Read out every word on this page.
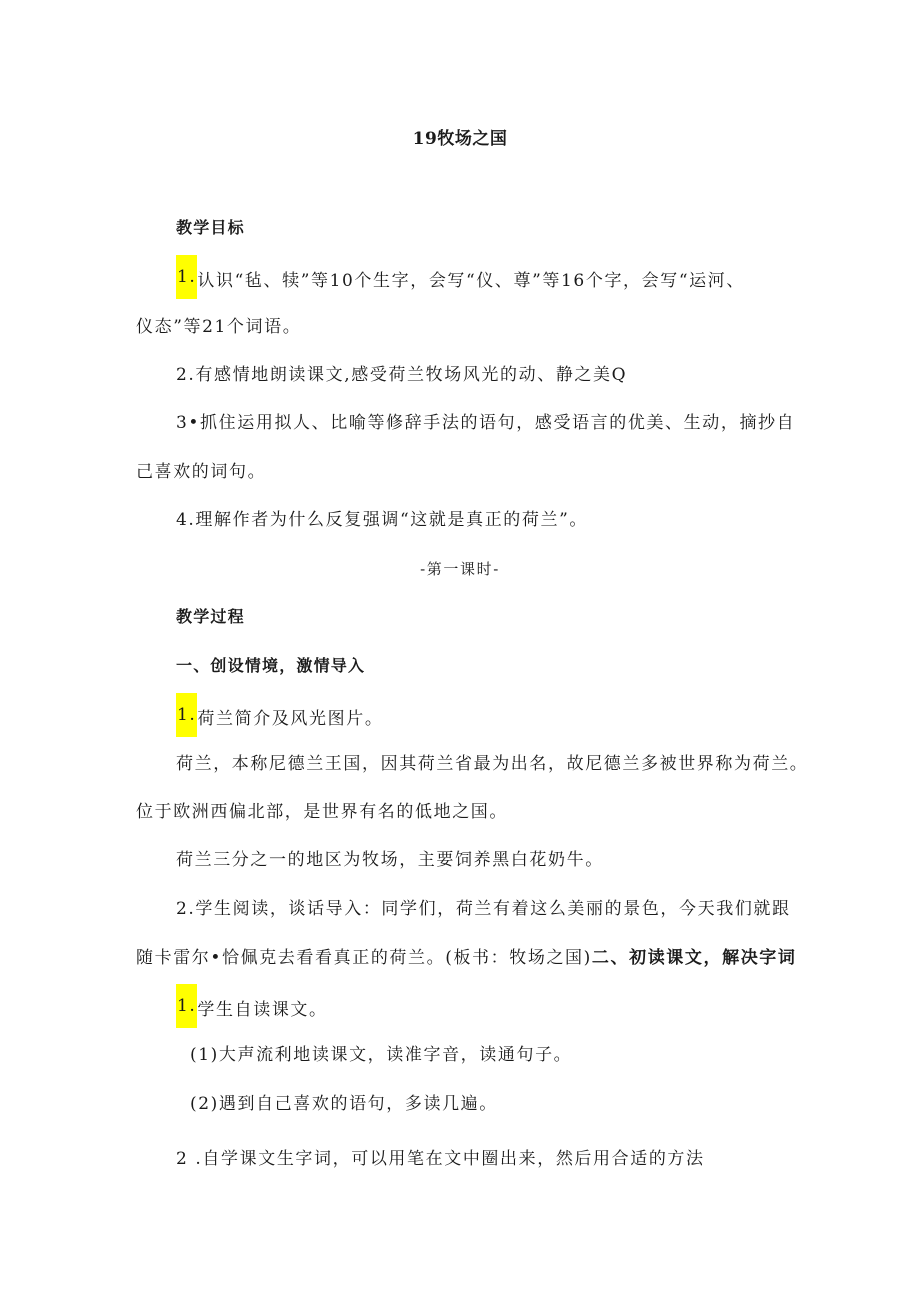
19牧场之国
教学目标
1.认识“毡、犊”等10个生字，会写“仪、尊”等16个字，会写“运河、
仪态”等21个词语。
2.有感情地朗读课文,感受荷兰牧场风光的动、静之美Q
3•抓住运用拟人、比喻等修辞手法的语句，感受语言的优美、生动，摘抄自
己喜欢的词句。
4.理解作者为什么反复强调“这就是真正的荷兰”。
-第一课时-
教学过程
一、创设情境，激情导入
1.荷兰简介及风光图片。
荷兰，本称尼德兰王国，因其荷兰省最为出名，故尼德兰多被世界称为荷兰。
位于欧洲西偏北部，是世界有名的低地之国。
荷兰三分之一的地区为牧场，主要饲养黑白花奶牛。
2.学生阅读，谈话导入：同学们，荷兰有着这么美丽的景色，今天我们就跟
随卡雷尔•恰佩克去看看真正的荷兰。(板书：牧场之国)二、初读课文，解决字词
1.学生自读课文。
(1)大声流利地读课文，读准字音，读通句子。
(2)遇到自己喜欢的语句，多读几遍。
2 .自学课文生字词，可以用笔在文中圈出来，然后用合适的方法
